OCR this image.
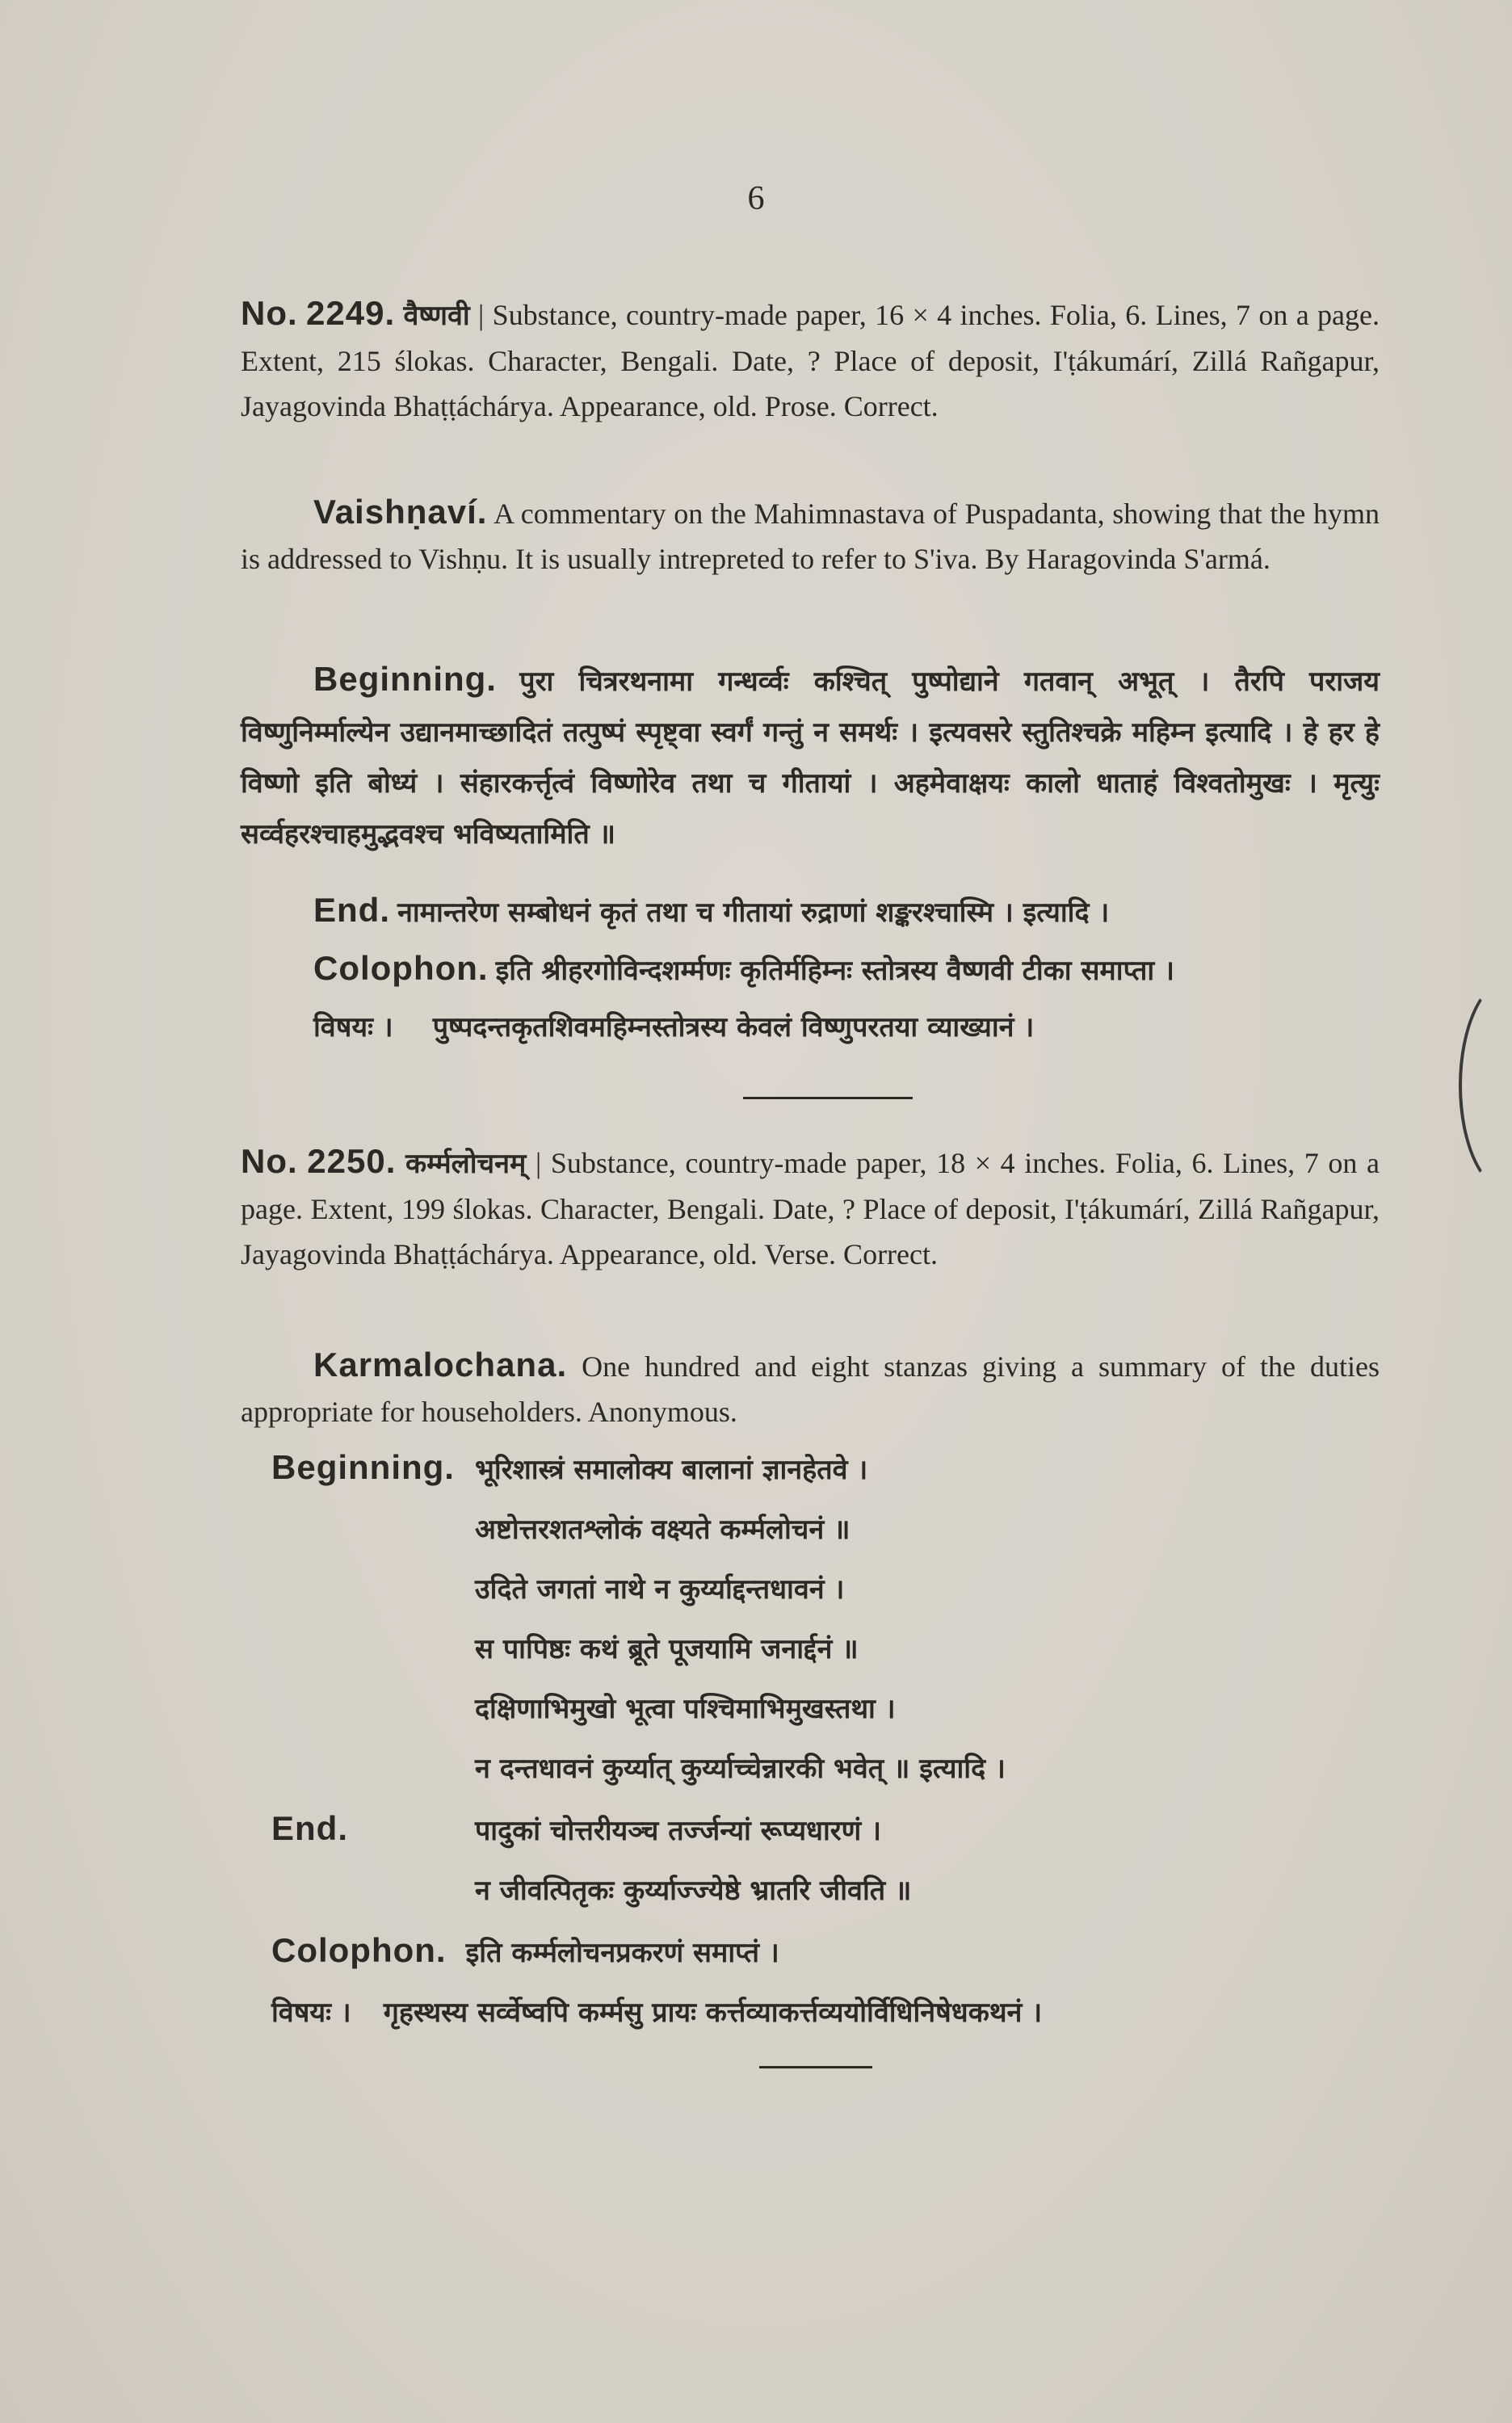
6

No. 2249. वैष्णवी | Substance, country-made paper, 16 × 4 inches. Folia, 6. Lines, 7 on a page. Extent, 215 ślokas. Character, Bengali. Date, ? Place of deposit, I'ṭákumárí, Zillá Rañgapur, Jayagovinda Bhaṭṭáchárya. Appearance, old. Prose. Correct.

Vaishṇaví. A commentary on the Mahimnastava of Puspadanta, showing that the hymn is addressed to Vishṇu. It is usually intrepreted to refer to S'iva. By Haragovinda S'armá.

Beginning. पुरा चित्ररथनामा गन्धर्व्वः कश्चित् पुष्पोद्याने गतवान् अभूत् । तैरपि पराजय विष्णुनिर्म्माल्येन उद्यानमाच्छादितं तत्पुष्पं स्पृष्ट्वा स्वर्गं गन्तुं न समर्थः । इत्यवसरे स्तुतिश्चक्रे महिम्न इत्यादि । हे हर हे विष्णो इति बोध्यं । संहारकर्त्तृत्वं विष्णोरेव तथा च गीतायां । अहमेवाक्षयः कालो धाताहं विश्वतोमुखः । मृत्युः सर्व्वहरश्चाहमुद्भवश्च भविष्यतामिति ॥

End. नामान्तरेण सम्बोधनं कृतं तथा च गीतायां रुद्राणां शङ्करश्चास्मि । इत्यादि ।

Colophon. इति श्रीहरगोविन्दशर्म्मणः कृतिर्महिम्नः स्तोत्रस्य वैष्णवी टीका समाप्ता ।

विषयः । पुष्पदन्तकृतशिवमहिम्नस्तोत्रस्य केवलं विष्णुपरतया व्याख्यानं ।

No. 2250. कर्म्मलोचनम् | Substance, country-made paper, 18 × 4 inches. Folia, 6. Lines, 7 on a page. Extent, 199 ślokas. Character, Bengali. Date, ? Place of deposit, I'ṭákumárí, Zillá Rañgapur, Jayagovinda Bhaṭṭáchárya. Appearance, old. Verse. Correct.

Karmalochana. One hundred and eight stanzas giving a summary of the duties appropriate for householders. Anonymous.

Beginning. भूरिशास्त्रं समालोक्य बालानां ज्ञानहेतवे ।
अष्टोत्तरशतश्लोकं वक्ष्यते कर्म्मलोचनं ॥
उदिते जगतां नाथे न कुर्य्याद्दन्तधावनं ।
स पापिष्ठः कथं ब्रूते पूजयामि जनार्द्दनं ॥
दक्षिणाभिमुखो भूत्वा पश्चिमाभिमुखस्तथा ।
न दन्तधावनं कुर्य्यात् कुर्य्याच्चेन्नारकी भवेत् ॥ इत्यादि ।
End.	पादुकां चोत्तरीयञ्च तर्ज्जन्यां रूप्यधारणं ।
न जीवत्पितृकः कुर्य्याज्ज्येष्ठे भ्रातरि जीवति ॥
Colophon. इति कर्म्मलोचनप्रकरणं समाप्तं ।
विषयः । गृहस्थस्य सर्व्वेष्वपि कर्म्मसु प्रायः कर्त्तव्याकर्त्तव्ययोर्विधिनिषेधकथनं ।
